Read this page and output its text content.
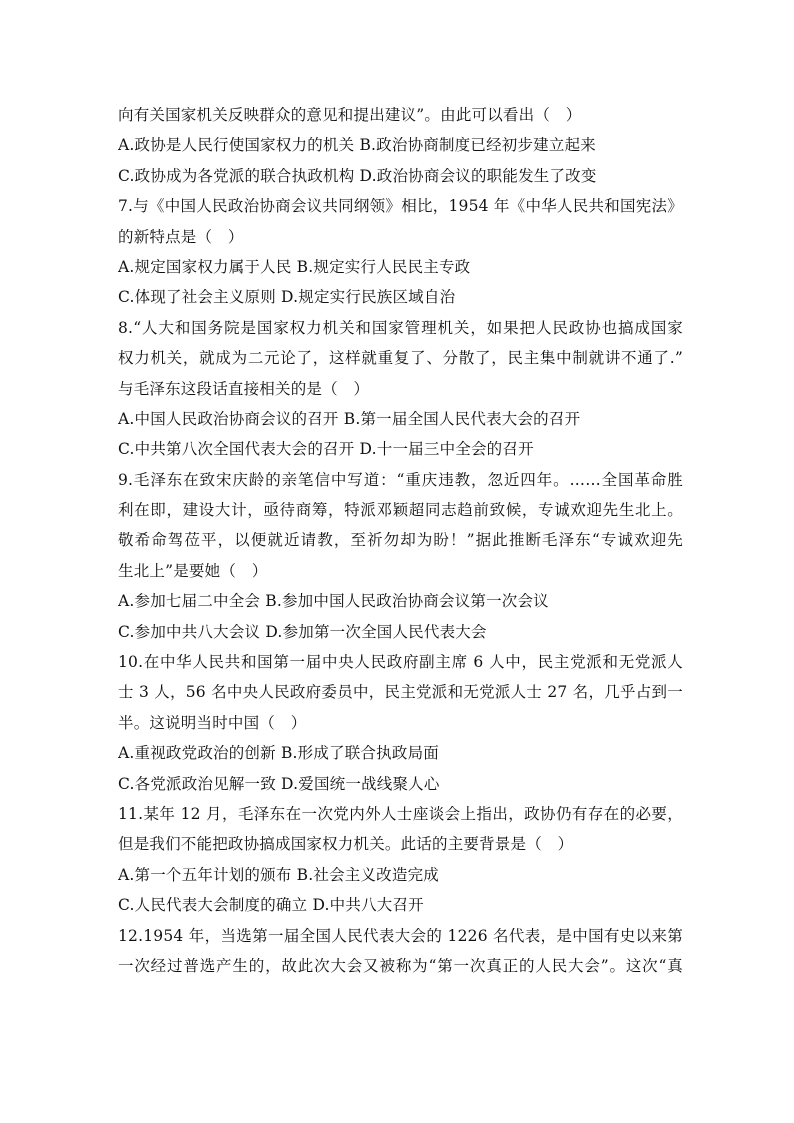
向有关国家机关反映群众的意见和提出建议”。由此可以看出（　）
A.政协是人民行使国家权力的机关 B.政治协商制度已经初步建立起来
C.政协成为各党派的联合执政机构 D.政治协商会议的职能发生了改变
7.与《中国人民政治协商会议共同纲领》相比，1954 年《中华人民共和国宪法》
的新特点是（　）
A.规定国家权力属于人民 B.规定实行人民民主专政
C.体现了社会主义原则 D.规定实行民族区域自治
8.“人大和国务院是国家权力机关和国家管理机关，如果把人民政协也搞成国家
权力机关，就成为二元论了，这样就重复了、分散了，民主集中制就讲不通了.”
与毛泽东这段话直接相关的是（　）
A.中国人民政治协商会议的召开 B.第一届全国人民代表大会的召开
C.中共第八次全国代表大会的召开 D.十一届三中全会的召开
9.毛泽东在致宋庆龄的亲笔信中写道：“重庆违教，忽近四年。……全国革命胜
利在即，建设大计，亟待商筹，特派邓颖超同志趋前致候，专诚欢迎先生北上。
敬希命驾莅平，以便就近请教，至祈勿却为盼！”据此推断毛泽东“专诚欢迎先
生北上”是要她（　）
A.参加七届二中全会 B.参加中国人民政治协商会议第一次会议
C.参加中共八大会议 D.参加第一次全国人民代表大会
10.在中华人民共和国第一届中央人民政府副主席 6 人中，民主党派和无党派人
士 3 人，56 名中央人民政府委员中，民主党派和无党派人士 27 名，几乎占到一
半。这说明当时中国（　）
A.重视政党政治的创新 B.形成了联合执政局面
C.各党派政治见解一致 D.爱国统一战线聚人心
11.某年 12 月，毛泽东在一次党内外人士座谈会上指出，政协仍有存在的必要，
但是我们不能把政协搞成国家权力机关。此话的主要背景是（　）
A.第一个五年计划的颁布 B.社会主义改造完成
C.人民代表大会制度的确立 D.中共八大召开
12.1954 年，当选第一届全国人民代表大会的 1226 名代表，是中国有史以来第
一次经过普选产生的，故此次大会又被称为“第一次真正的人民大会”。这次“真
